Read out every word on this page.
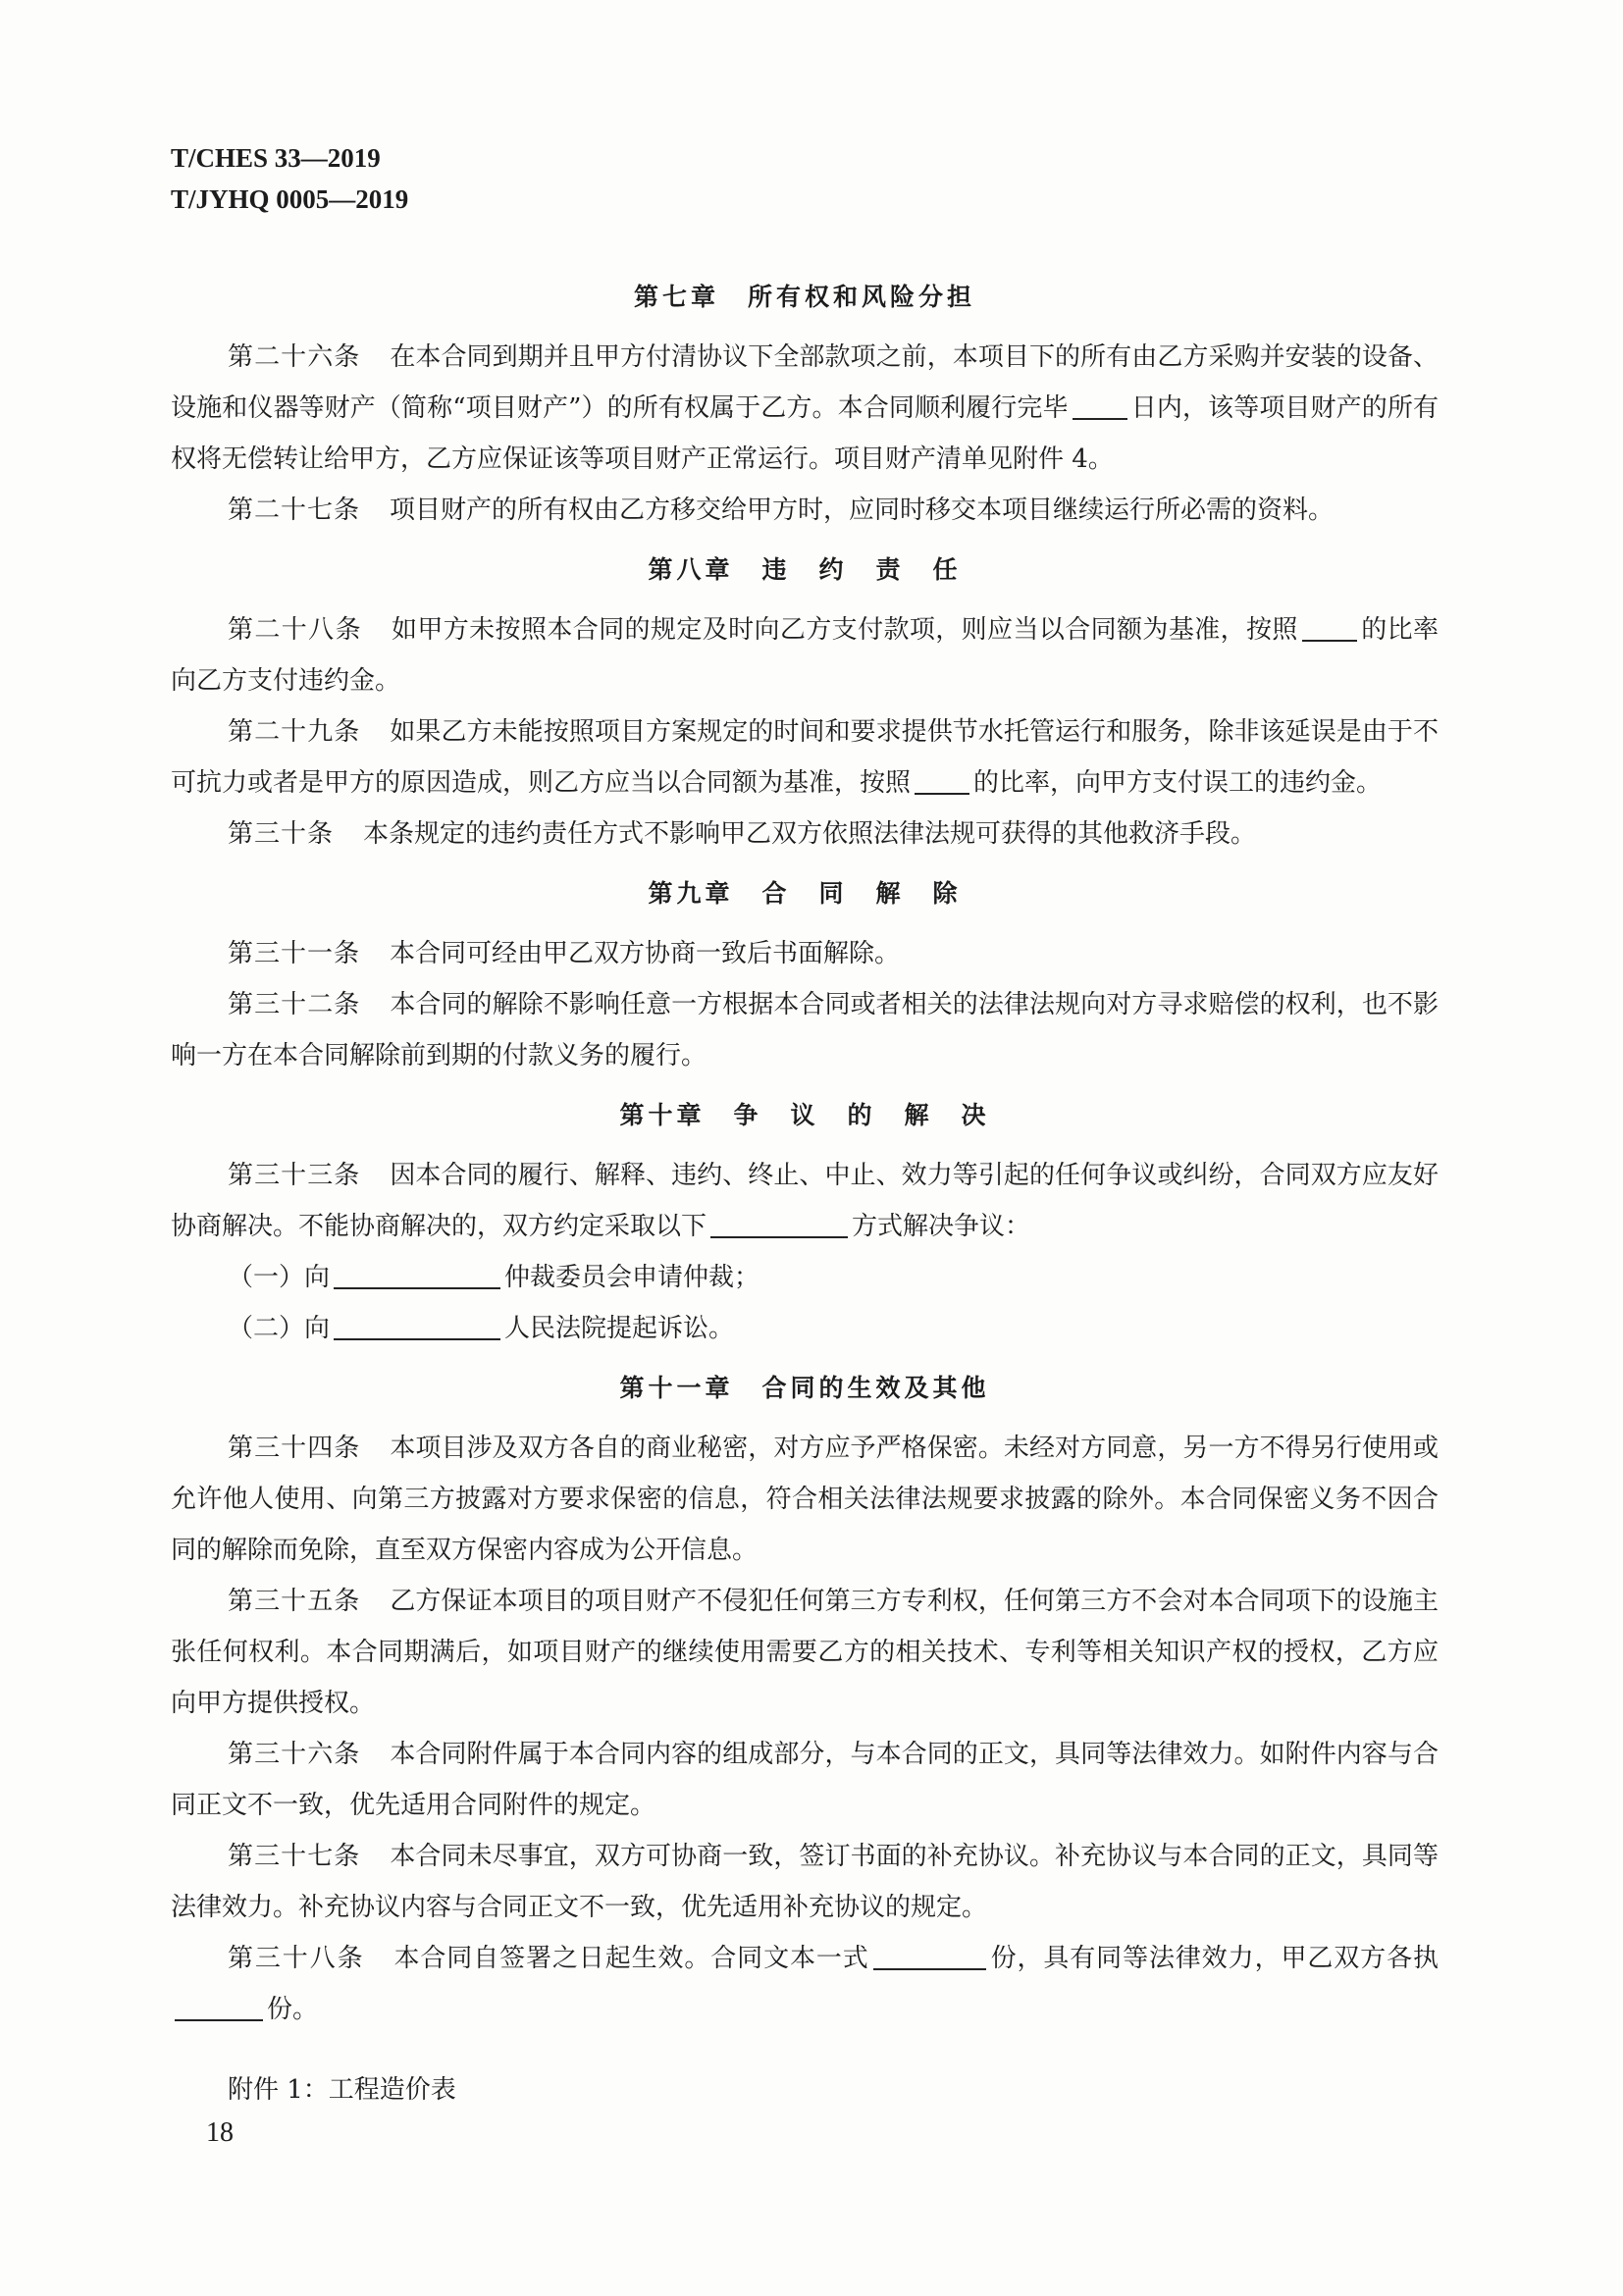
T/CHES 33—2019
T/JYHQ 0005—2019
第七章　所有权和风险分担

第二十六条 在本合同到期并且甲方付清协议下全部款项之前，本项目下的所有由乙方采购并安装的设备、设施和仪器等财产（简称“项目财产”）的所有权属于乙方。本合同顺利履行完毕 日内，该等项目财产的所有权将无偿转让给甲方，乙方应保证该等项目财产正常运行。项目财产清单见附件 4。

第二十七条 项目财产的所有权由乙方移交给甲方时，应同时移交本项目继续运行所必需的资料。

第八章　违　约　责　任

第二十八条 如甲方未按照本合同的规定及时向乙方支付款项，则应当以合同额为基准，按照 的比率向乙方支付违约金。

第二十九条 如果乙方未能按照项目方案规定的时间和要求提供节水托管运行和服务，除非该延误是由于不可抗力或者是甲方的原因造成，则乙方应当以合同额为基准，按照 的比率，向甲方支付误工的违约金。

第三十条 本条规定的违约责任方式不影响甲乙双方依照法律法规可获得的其他救济手段。

第九章　合　同　解　除

第三十一条 本合同可经由甲乙双方协商一致后书面解除。

第三十二条 本合同的解除不影响任意一方根据本合同或者相关的法律法规向对方寻求赔偿的权利，也不影响一方在本合同解除前到期的付款义务的履行。

第十章　争　议　的　解　决

第三十三条 因本合同的履行、解释、违约、终止、中止、效力等引起的任何争议或纠纷，合同双方应友好协商解决。不能协商解决的，双方约定采取以下	方式解决争议：

（一）向	仲裁委员会申请仲裁；

（二）向	人民法院提起诉讼。

第十一章　合同的生效及其他

第三十四条 本项目涉及双方各自的商业秘密，对方应予严格保密。未经对方同意，另一方不得另行使用或允许他人使用、向第三方披露对方要求保密的信息，符合相关法律法规要求披露的除外。本合同保密义务不因合同的解除而免除，直至双方保密内容成为公开信息。

第三十五条 乙方保证本项目的项目财产不侵犯任何第三方专利权，任何第三方不会对本合同项下的设施主张任何权利。本合同期满后，如项目财产的继续使用需要乙方的相关技术、专利等相关知识产权的授权，乙方应向甲方提供授权。

第三十六条 本合同附件属于本合同内容的组成部分，与本合同的正文，具同等法律效力。如附件内容与合同正文不一致，优先适用合同附件的规定。

第三十七条 本合同未尽事宜，双方可协商一致，签订书面的补充协议。补充协议与本合同的正文，具同等法律效力。补充协议内容与合同正文不一致，优先适用补充协议的规定。

第三十八条 本合同自签署之日起生效。合同文本一式	份，具有同等法律效力，甲乙双方各执份。

附件 1：工程造价表

18
